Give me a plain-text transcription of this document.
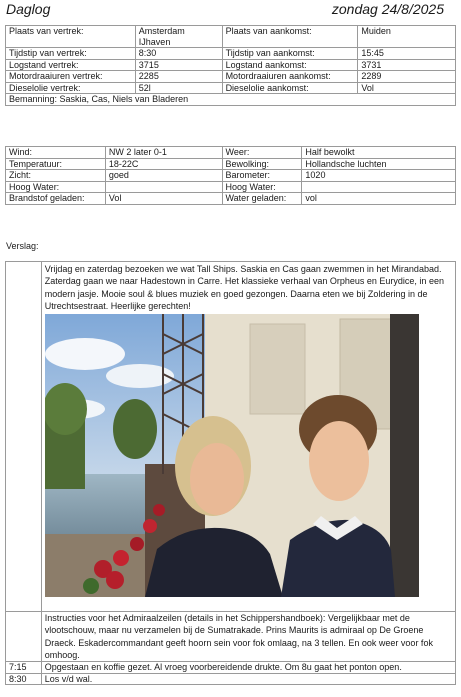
Daglog	zondag 24/8/2025
Plaats van vertrek:	Amsterdam IJhaven	Plaats van aankomst:	Muiden
Tijdstip van vertrek:	8:30	Tijdstip van aankomst:	15:45
Logstand vertrek:	3715	Logstand aankomst:	3731
Motordraaiuren vertrek:	2285	Motordraaiuren aankomst:	2289
Dieselolie vertrek:	52l	Dieselolie aankomst:	Vol
Bemanning: Saskia, Cas, Niels van Bladeren			
Wind:	NW 2 later 0-1	Weer:	Half bewolkt
Temperatuur:	18-22C	Bewolking:	Hollandsche luchten
Zicht:	goed	Barometer:	1020
Hoog Water:		Hoog Water:	
Brandstof geladen:	Vol	Water geladen:	vol
Verslag:

	Vrijdag en zaterdag bezoeken we wat Tall Ships. Saskia en Cas gaan zwemmen in het Mirandabad. Zaterdag gaan we naar Hadestown in Carre. Het klassieke verhaal van Orpheus en Eurydice, in een modern jasje. Mooie soul & blues muziek en goed gezongen. Daarna eten we bij Zoldering in de Utrechtsestraat. Heerlijke gerechten!

	Instructies voor het Admiraalzeilen (details in het Schippershandboek): Vergelijkbaar met de vlootschouw, maar nu verzamelen bij de Sumatrakade. Prins Maurits is admiraal op De Groene Draeck. Eskadercommandant geeft hoorn sein voor fok omlaag, na 3 tellen. En ook weer voor fok omhoog.
7:15	Opgestaan en koffie gezet. Al vroeg voorbereidende drukte. Om 8u gaat het ponton open.
8:30	Los v/d wal.
